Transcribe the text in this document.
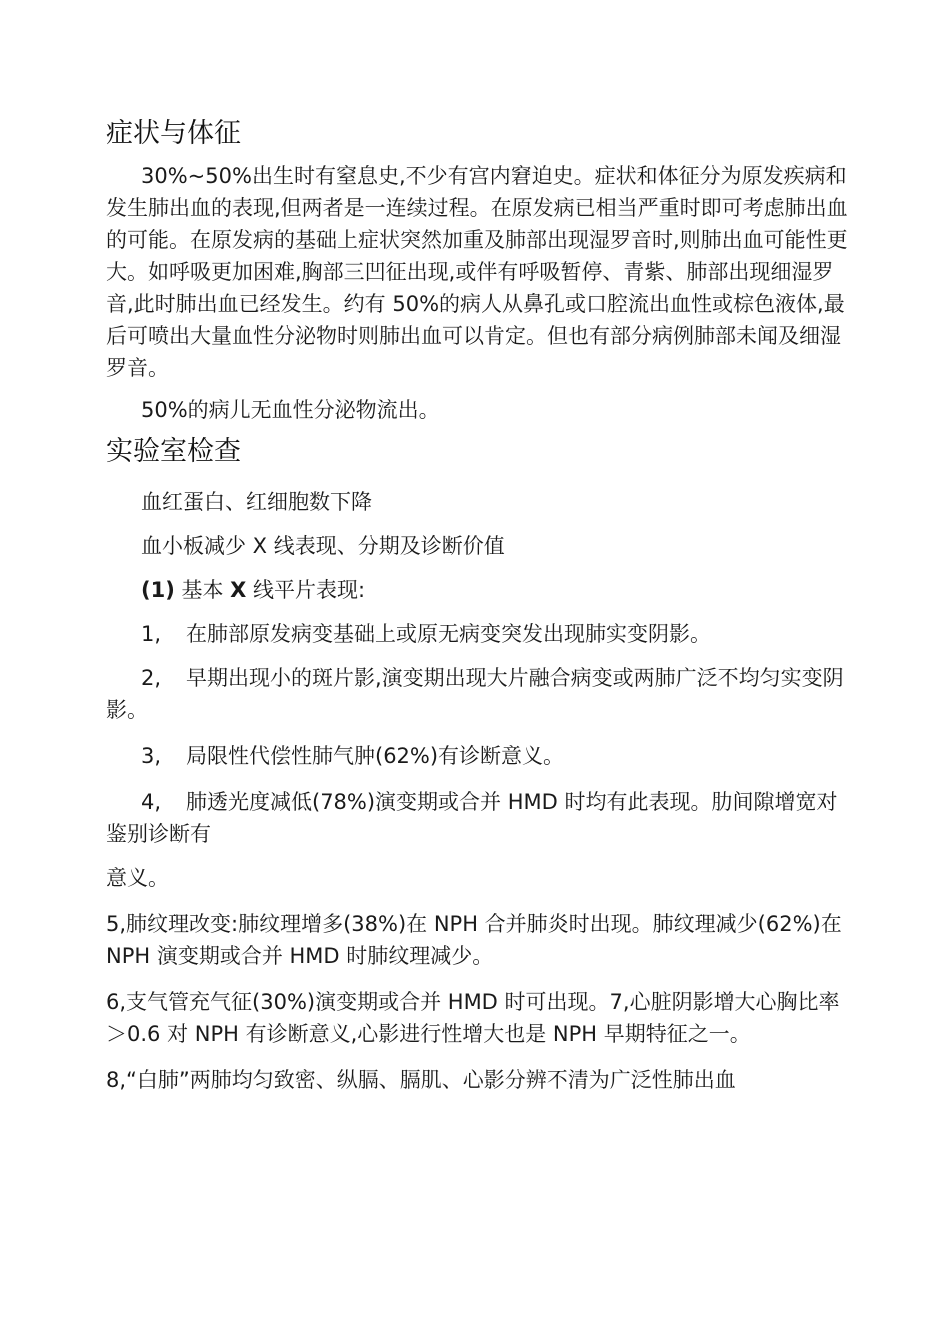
症状与体征

30%~50%出生时有窒息史,不少有宫内窘迫史。症状和体征分为原发疾病和发生肺出血的表现,但两者是一连续过程。在原发病已相当严重时即可考虑肺出血的可能。在原发病的基础上症状突然加重及肺部出现湿罗音时,则肺出血可能性更大。如呼吸更加困难,胸部三凹征出现,或伴有呼吸暂停、青紫、肺部出现细湿罗音,此时肺出血已经发生。约有 50%的病人从鼻孔或口腔流出血性或棕色液体,最后可喷出大量血性分泌物时则肺出血可以肯定。但也有部分病例肺部未闻及细湿罗音。

50%的病儿无血性分泌物流出。

实验室检查

血红蛋白、红细胞数下降

血小板减少 X 线表现、分期及诊断价值

(1) 基本 X 线平片表现:

1, 在肺部原发病变基础上或原无病变突发出现肺实变阴影。

2, 早期出现小的斑片影,演变期出现大片融合病变或两肺广泛不均匀实变阴影。

3, 局限性代偿性肺气肿(62%)有诊断意义。

4, 肺透光度减低(78%)演变期或合并 HMD 时均有此表现。肋间隙增宽对鉴别诊断有

意义。

5,肺纹理改变:肺纹理增多(38%)在 NPH 合并肺炎时出现。肺纹理减少(62%)在 NPH 演变期或合并 HMD 时肺纹理减少。

6,支气管充气征(30%)演变期或合并 HMD 时可出现。7,心脏阴影增大心胸比率＞0.6 对 NPH 有诊断意义,心影进行性增大也是 NPH 早期特征之一。

8,“白肺”两肺均匀致密、纵膈、膈肌、心影分辨不清为广泛性肺出血
